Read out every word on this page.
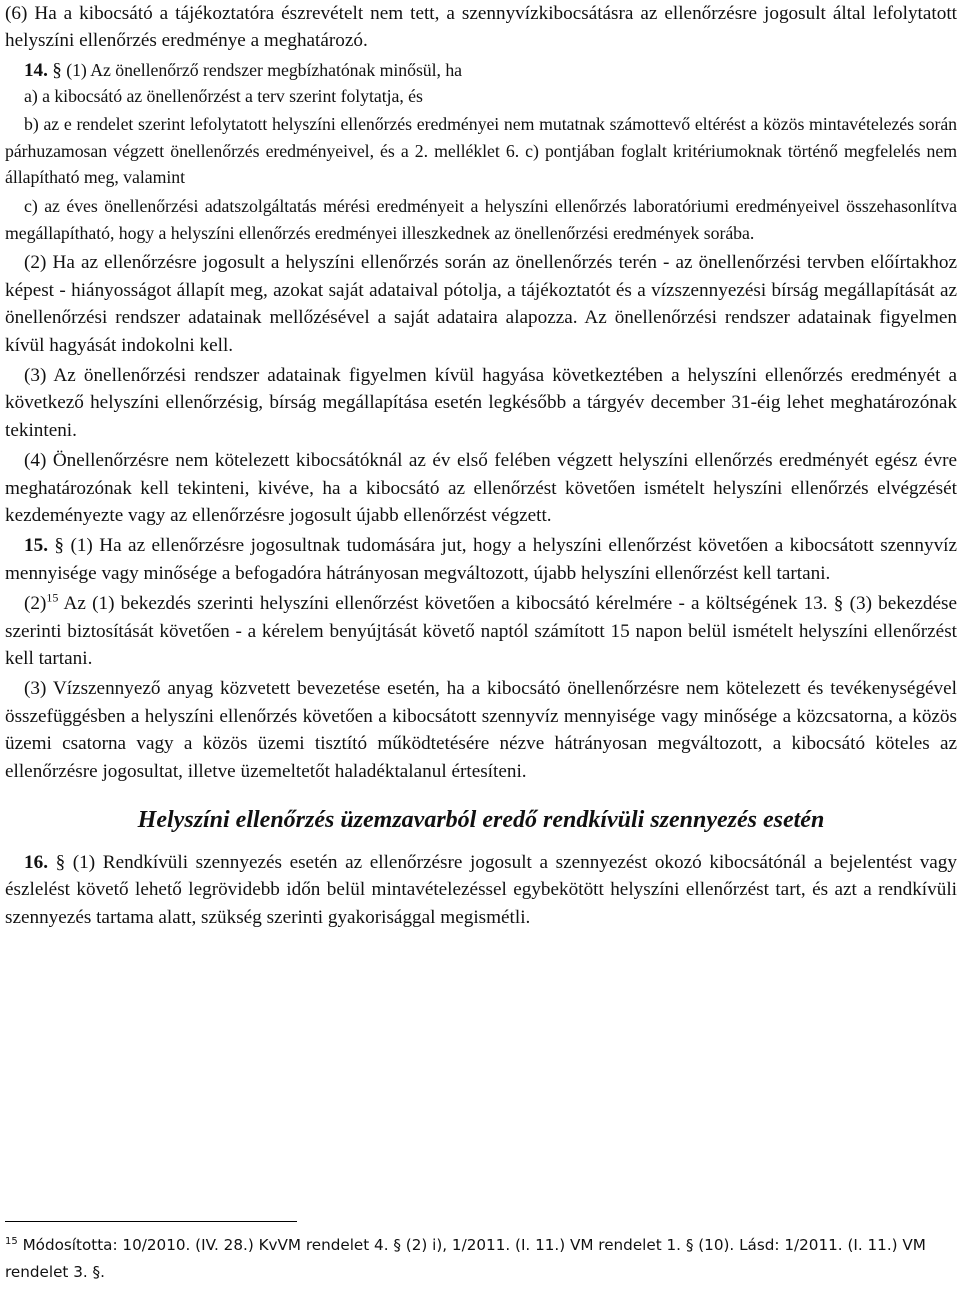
(6) Ha a kibocsátó a tájékoztatóra észrevételt nem tett, a szennyvízkibocsátásra az ellenőrzésre jogosult által lefolytatott helyszíni ellenőrzés eredménye a meghatározó.

14. § (1) Az önellenőrző rendszer megbízhatónak minősül, ha

a) a kibocsátó az önellenőrzést a terv szerint folytatja, és

b) az e rendelet szerint lefolytatott helyszíni ellenőrzés eredményei nem mutatnak számottevő eltérést a közös mintavételezés során párhuzamosan végzett önellenőrzés eredményeivel, és a 2. melléklet 6. c) pontjában foglalt kritériumoknak történő megfelelés nem állapítható meg, valamint

c) az éves önellenőrzési adatszolgáltatás mérési eredményeit a helyszíni ellenőrzés laboratóriumi eredményeivel összehasonlítva megállapítható, hogy a helyszíni ellenőrzés eredményei illeszkednek az önellenőrzési eredmények sorába.

(2) Ha az ellenőrzésre jogosult a helyszíni ellenőrzés során az önellenőrzés terén - az önellenőrzési tervben előírtakhoz képest - hiányosságot állapít meg, azokat saját adataival pótolja, a tájékoztatót és a vízszennyezési bírság megállapítását az önellenőrzési rendszer adatainak mellőzésével a saját adataira alapozza. Az önellenőrzési rendszer adatainak figyelmen kívül hagyását indokolni kell.

(3) Az önellenőrzési rendszer adatainak figyelmen kívül hagyása következtében a helyszíni ellenőrzés eredményét a következő helyszíni ellenőrzésig, bírság megállapítása esetén legkésőbb a tárgyév december 31-éig lehet meghatározónak tekinteni.

(4) Önellenőrzésre nem kötelezett kibocsátóknál az év első felében végzett helyszíni ellenőrzés eredményét egész évre meghatározónak kell tekinteni, kivéve, ha a kibocsátó az ellenőrzést követően ismételt helyszíni ellenőrzés elvégzését kezdeményezte vagy az ellenőrzésre jogosult újabb ellenőrzést végzett.

15. § (1) Ha az ellenőrzésre jogosultnak tudomására jut, hogy a helyszíni ellenőrzést követően a kibocsátott szennyvíz mennyisége vagy minősége a befogadóra hátrányosan megváltozott, újabb helyszíni ellenőrzést kell tartani.

$(2)^{15}$ Az (1) bekezdés szerinti helyszíni ellenőrzést követően a kibocsátó kérelmére - a költségének 13. § (3) bekezdése szerinti biztosítását követően - a kérelem benyújtását követő naptól számított 15 napon belül ismételt helyszíni ellenőrzést kell tartani.

(3) Vízszennyező anyag közvetett bevezetése esetén, ha a kibocsátó önellenőrzésre nem kötelezett és tevékenységével összefüggésben a helyszíni ellenőrzés követően a kibocsátott szennyvíz mennyisége vagy minősége a közcsatorna, a közös üzemi csatorna vagy a közös üzemi tisztító működtetésére nézve hátrányosan megváltozott, a kibocsátó köteles az ellenőrzésre jogosultat, illetve üzemeltetőt haladéktalanul értesíteni.

Helyszíni ellenőrzés üzemzavarból eredő rendkívüli szennyezés esetén

16. § (1) Rendkívüli szennyezés esetén az ellenőrzésre jogosult a szennyezést okozó kibocsátónál a bejelentést vagy észlelést követő lehető legrövidebb időn belül mintavételezéssel egybekötött helyszíni ellenőrzést tart, és azt a rendkívüli szennyezés tartama alatt, szükség szerinti gyakorisággal megismétli.

$^{15}$ Módosította: 10/2010. (IV. 28.) KvVM rendelet 4. § (2) i), 1/2011. (I. 11.) VM rendelet 1. § (10). Lásd: 1/2011. (I. 11.) VM rendelet 3. §.
